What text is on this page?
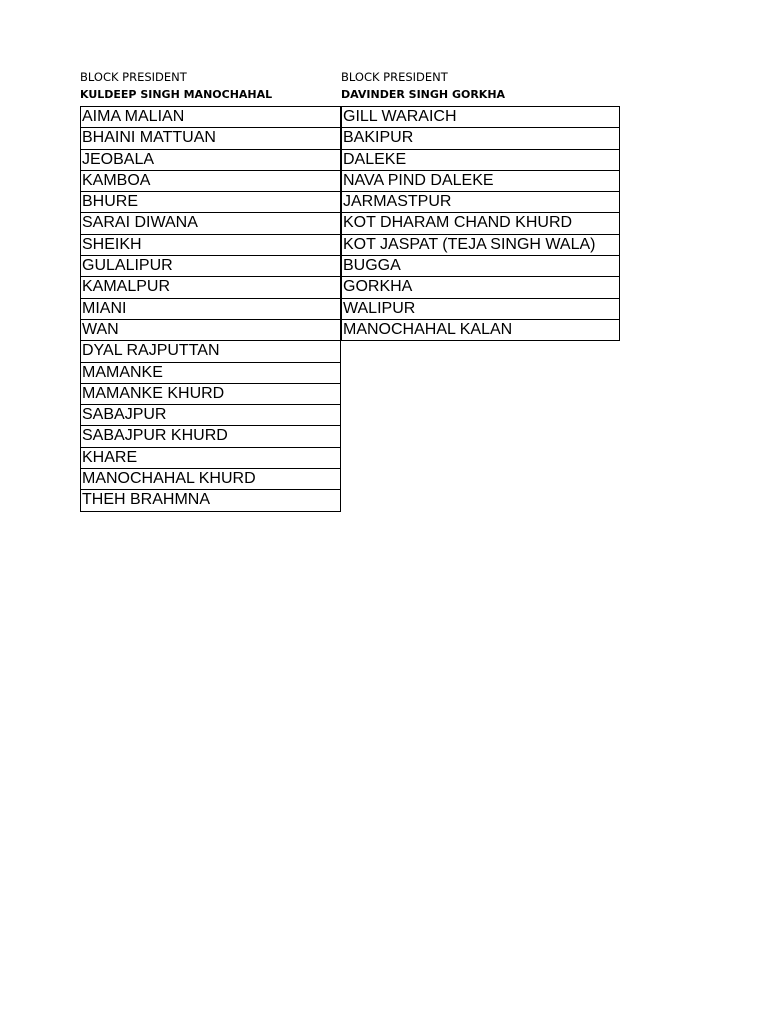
BLOCK PRESIDENT
KULDEEP SINGH MANOCHAHAL
AIMA MALIAN
BHAINI MATTUAN
JEOBALA
KAMBOA
BHURE
SARAI DIWANA
SHEIKH
GULALIPUR
KAMALPUR
MIANI
WAN
DYAL RAJPUTTAN
MAMANKE
MAMANKE KHURD
SABAJPUR
SABAJPUR KHURD
KHARE
MANOCHAHAL KHURD
THEH BRAHMNA
BLOCK PRESIDENT
DAVINDER SINGH GORKHA
GILL WARAICH
BAKIPUR
DALEKE
NAVA PIND DALEKE
JARMASTPUR
KOT DHARAM CHAND KHURD
KOT JASPAT (TEJA SINGH WALA)
BUGGA
GORKHA
WALIPUR
MANOCHAHAL KALAN
